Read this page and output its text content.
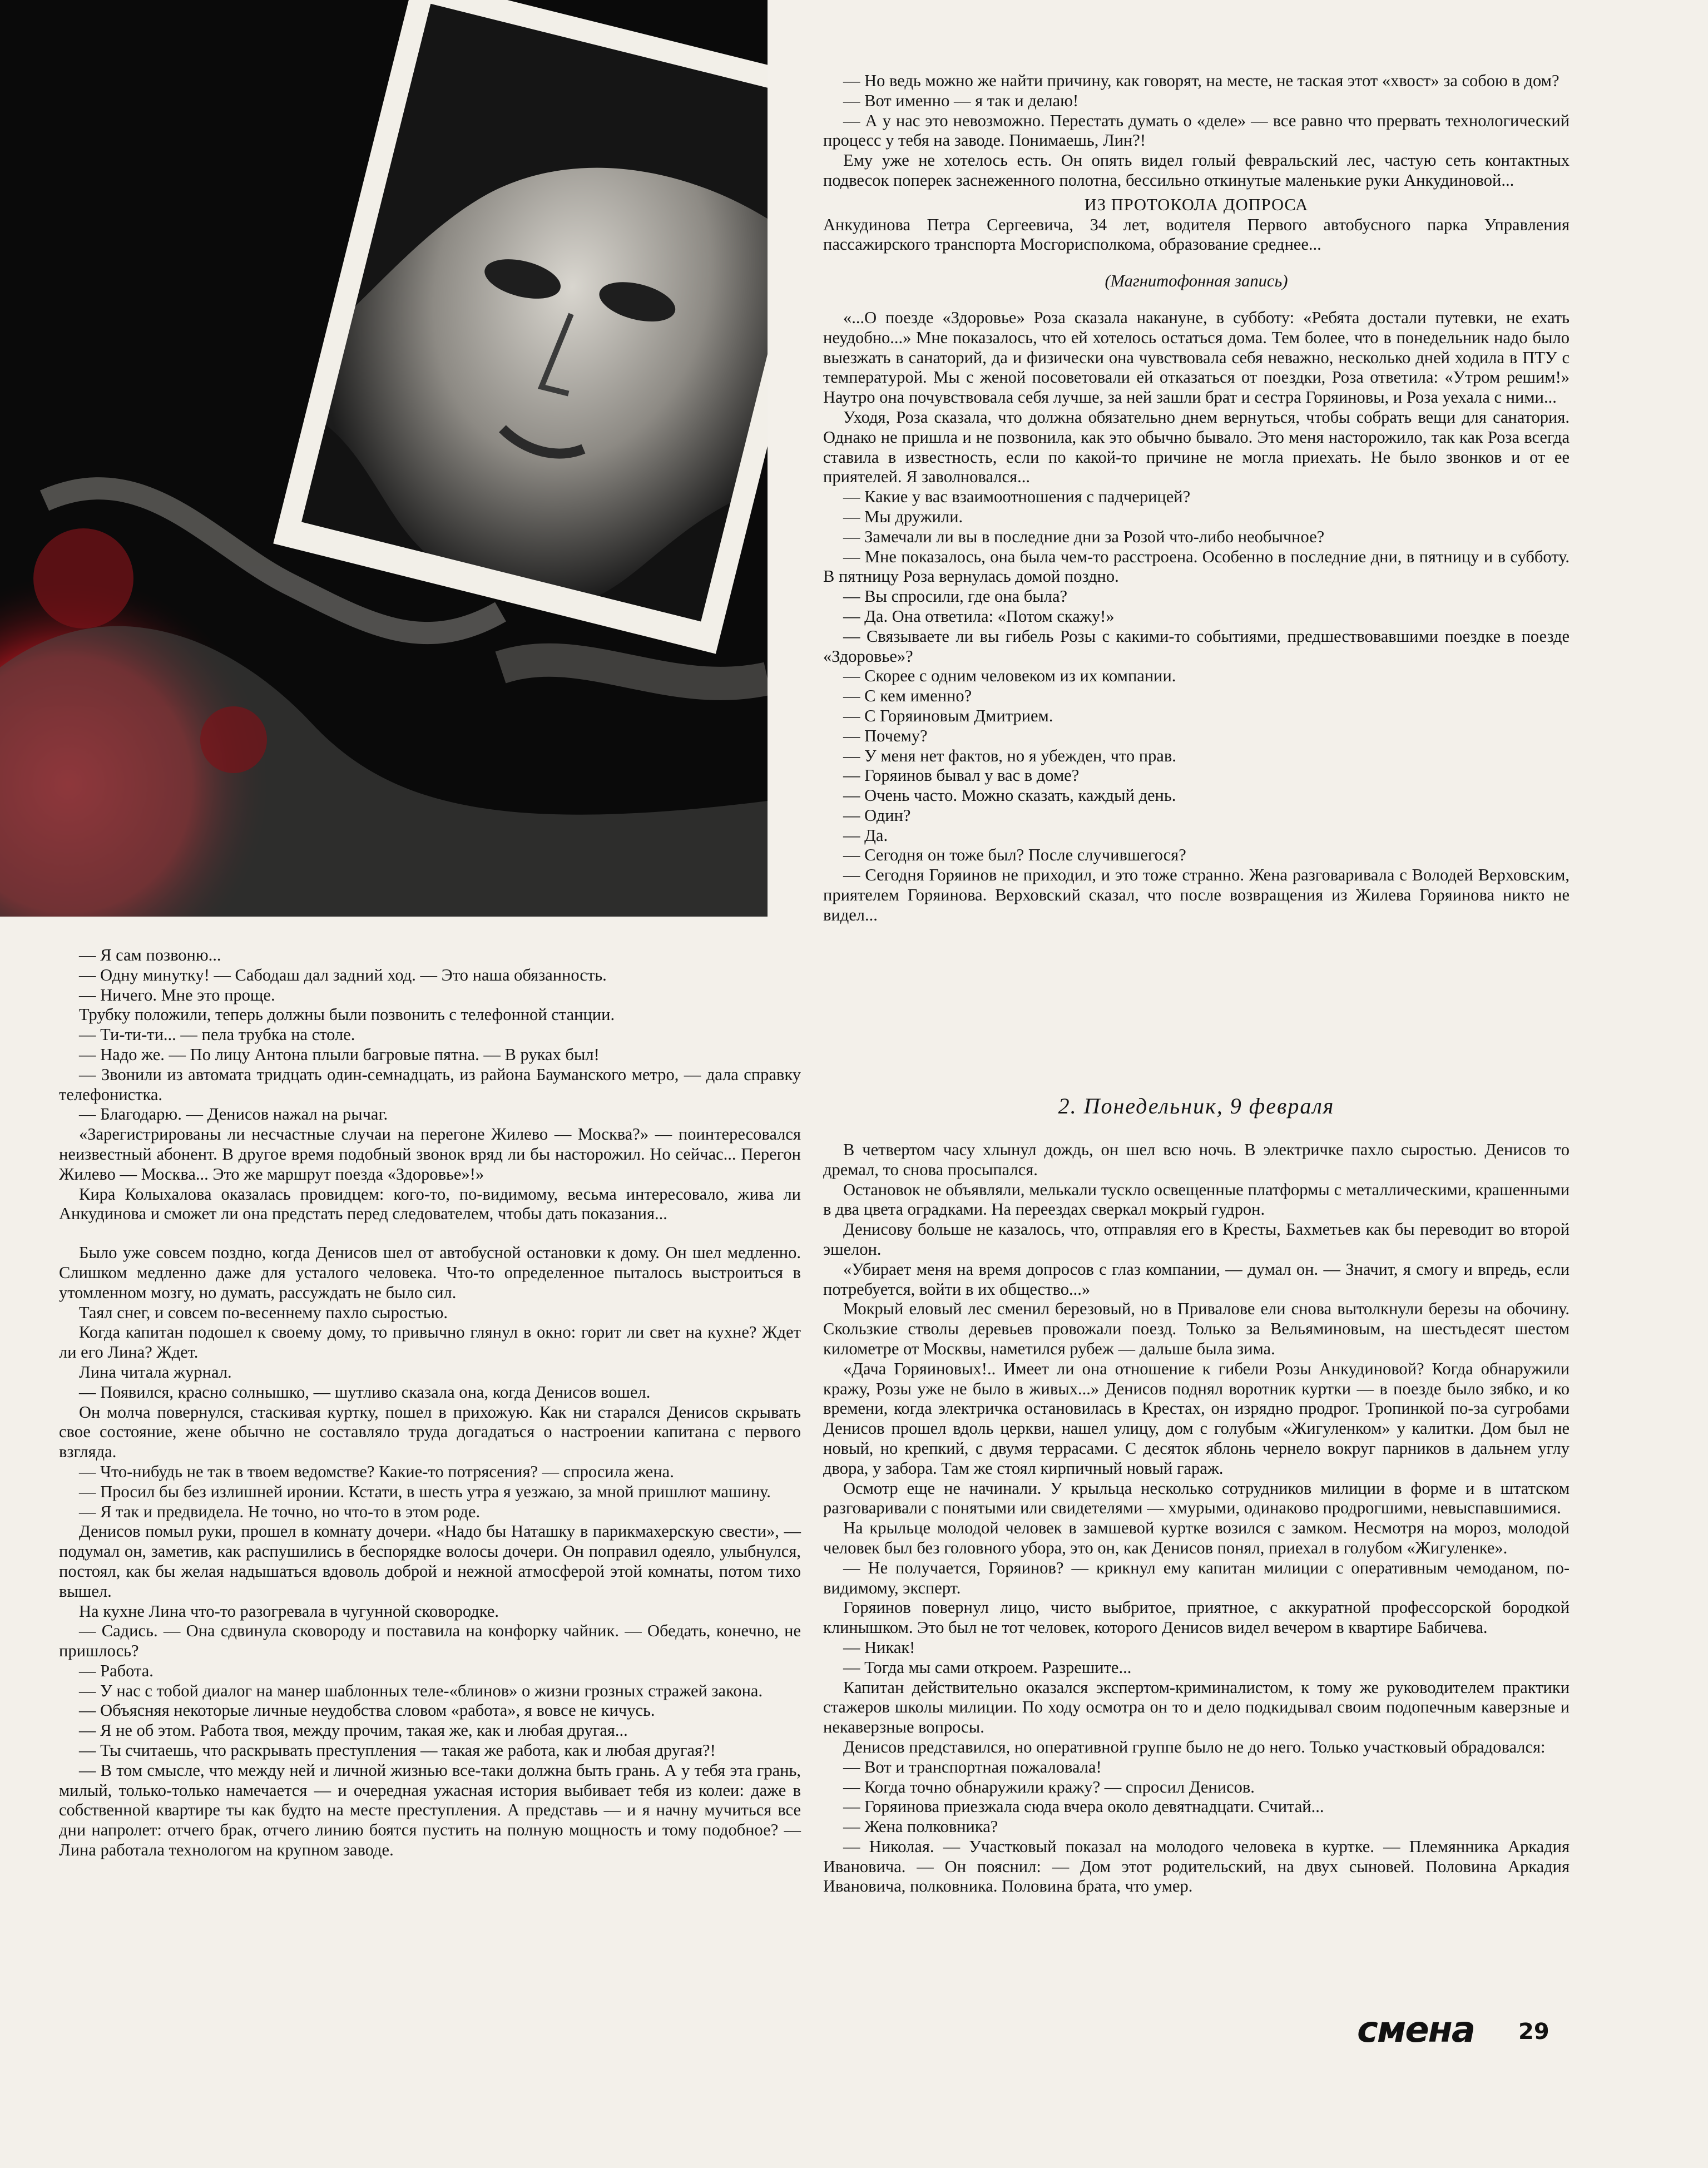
— Я сам позвоню...

— Одну минутку! — Сабодаш дал задний ход. — Это наша обязанность.

— Ничего. Мне это проще.

Трубку положили, теперь должны были позвонить с телефонной станции.

— Ти-ти-ти... — пела трубка на столе.

— Надо же. — По лицу Антона плыли багровые пятна. — В руках был!

— Звонили из автомата тридцать один-семнадцать, из района Бауманского метро, — дала справку телефонистка.

— Благодарю. — Денисов нажал на рычаг.

«Зарегистрированы ли несчастные случаи на перегоне Жилево — Москва?» — поинтересовался неизвестный абонент. В другое время подобный звонок вряд ли бы насторожил. Но сейчас... Перегон Жилево — Москва... Это же маршрут поезда «Здоровье»!»

Кира Колыхалова оказалась провидцем: кого-то, по-видимому, весьма интересовало, жива ли Анкудинова и сможет ли она предстать перед следователем, чтобы дать показания...

Было уже совсем поздно, когда Денисов шел от автобусной остановки к дому. Он шел медленно. Слишком медленно даже для усталого человека. Что-то определенное пыталось выстроиться в утомленном мозгу, но думать, рассуждать не было сил.

Таял снег, и совсем по-весеннему пахло сыростью.

Когда капитан подошел к своему дому, то привычно глянул в окно: горит ли свет на кухне? Ждет ли его Лина? Ждет.

Лина читала журнал.

— Появился, красно солнышко, — шутливо сказала она, когда Денисов вошел.

Он молча повернулся, стаскивая куртку, пошел в прихожую. Как ни старался Денисов скрывать свое состояние, жене обычно не составляло труда догадаться о настроении капитана с первого взгляда.

— Что-нибудь не так в твоем ведомстве? Какие-то потрясения? — спросила жена.

— Просил бы без излишней иронии. Кстати, в шесть утра я уезжаю, за мной пришлют машину.

— Я так и предвидела. Не точно, но что-то в этом роде.

Денисов помыл руки, прошел в комнату дочери. «Надо бы Наташку в парикмахерскую свести», — подумал он, заметив, как распушились в беспорядке волосы дочери. Он поправил одеяло, улыбнулся, постоял, как бы желая надышаться вдоволь доброй и нежной атмосферой этой комнаты, потом тихо вышел.

На кухне Лина что-то разогревала в чугунной сковородке.

— Садись. — Она сдвинула сковороду и поставила на конфорку чайник. — Обедать, конечно, не пришлось?

— Работа.

— У нас с тобой диалог на манер шаблонных теле-«блинов» о жизни грозных стражей закона.

— Объясняя некоторые личные неудобства словом «работа», я вовсе не кичусь.

— Я не об этом. Работа твоя, между прочим, такая же, как и любая другая...

— Ты считаешь, что раскрывать преступления — такая же работа, как и любая другая?!

— В том смысле, что между ней и личной жизнью все-таки должна быть грань. А у тебя эта грань, милый, только-только намечается — и очередная ужасная история выбивает тебя из колеи: даже в собственной квартире ты как будто на месте преступления. А представь — и я начну мучиться все дни напролет: отчего брак, отчего линию боятся пустить на полную мощность и тому подобное? — Лина работала технологом на крупном заводе.

— Но ведь можно же найти причину, как говорят, на месте, не таская этот «хвост» за собою в дом?

— Вот именно — я так и делаю!

— А у нас это невозможно. Перестать думать о «деле» — все равно что прервать технологический процесс у тебя на заводе. Понимаешь, Лин?!

Ему уже не хотелось есть. Он опять видел голый февральский лес, частую сеть контактных подвесок поперек заснеженного полотна, бессильно откинутые маленькие руки Анкудиновой...

ИЗ ПРОТОКОЛА ДОПРОСА

Анкудинова Петра Сергеевича, 34 лет, водителя Первого автобусного парка Управления пассажирского транспорта Мосгорисполкома, образование среднее...

(Магнитофонная запись)

«...О поезде «Здоровье» Роза сказала накануне, в субботу: «Ребята достали путевки, не ехать неудобно...» Мне показалось, что ей хотелось остаться дома. Тем более, что в понедельник надо было выезжать в санаторий, да и физически она чувствовала себя неважно, несколько дней ходила в ПТУ с температурой. Мы с женой посоветовали ей отказаться от поездки, Роза ответила: «Утром решим!» Наутро она почувствовала себя лучше, за ней зашли брат и сестра Горяиновы, и Роза уехала с ними...

Уходя, Роза сказала, что должна обязательно днем вернуться, чтобы собрать вещи для санатория. Однако не пришла и не позвонила, как это обычно бывало. Это меня насторожило, так как Роза всегда ставила в известность, если по какой-то причине не могла приехать. Не было звонков и от ее приятелей. Я заволновался...

— Какие у вас взаимоотношения с падчерицей?

— Мы дружили.

— Замечали ли вы в последние дни за Розой что-либо необычное?

— Мне показалось, она была чем-то расстроена. Особенно в последние дни, в пятницу и в субботу. В пятницу Роза вернулась домой поздно.

— Вы спросили, где она была?

— Да. Она ответила: «Потом скажу!»

— Связываете ли вы гибель Розы с какими-то событиями, предшествовавшими поездке в поезде «Здоровье»?

— Скорее с одним человеком из их компании.

— С кем именно?

— С Горяиновым Дмитрием.

— Почему?

— У меня нет фактов, но я убежден, что прав.

— Горяинов бывал у вас в доме?

— Очень часто. Можно сказать, каждый день.

— Один?

— Да.

— Сегодня он тоже был? После случившегося?

— Сегодня Горяинов не приходил, и это тоже странно. Жена разговаривала с Володей Верховским, приятелем Горяинова. Верховский сказал, что после возвращения из Жилева Горяинова никто не видел...

2. Понедельник, 9 февраля

В четвертом часу хлынул дождь, он шел всю ночь. В электричке пахло сыростью. Денисов то дремал, то снова просыпался.

Остановок не объявляли, мелькали тускло освещенные платформы с металлическими, крашенными в два цвета оградками. На переездах сверкал мокрый гудрон.

Денисову больше не казалось, что, отправляя его в Кресты, Бахметьев как бы переводит во второй эшелон.

«Убирает меня на время допросов с глаз компании, — думал он. — Значит, я смогу и впредь, если потребуется, войти в их общество...»

Мокрый еловый лес сменил березовый, но в Привалове ели снова вытолкнули березы на обочину. Скользкие стволы деревьев провожали поезд. Только за Вельяминовым, на шестьдесят шестом километре от Москвы, наметился рубеж — дальше была зима.

«Дача Горяиновых!.. Имеет ли она отношение к гибели Розы Анкудиновой? Когда обнаружили кражу, Розы уже не было в живых...» Денисов поднял воротник куртки — в поезде было зябко, и ко времени, когда электричка остановилась в Крестах, он изрядно продрог. Тропинкой по-за сугробами Денисов прошел вдоль церкви, нашел улицу, дом с голубым «Жигуленком» у калитки. Дом был не новый, но крепкий, с двумя террасами. С десяток яблонь чернело вокруг парников в дальнем углу двора, у забора. Там же стоял кирпичный новый гараж.

Осмотр еще не начинали. У крыльца несколько сотрудников милиции в форме и в штатском разговаривали с понятыми или свидетелями — хмурыми, одинаково продрогшими, невыспавшимися.

На крыльце молодой человек в замшевой куртке возился с замком. Несмотря на мороз, молодой человек был без головного убора, это он, как Денисов понял, приехал в голубом «Жигуленке».

— Не получается, Горяинов? — крикнул ему капитан милиции с оперативным чемоданом, по-видимому, эксперт.

Горяинов повернул лицо, чисто выбритое, приятное, с аккуратной профессорской бородкой клинышком. Это был не тот человек, которого Денисов видел вечером в квартире Бабичева.

— Никак!

— Тогда мы сами откроем. Разрешите...

Капитан действительно оказался экспертом-криминалистом, к тому же руководителем практики стажеров школы милиции. По ходу осмотра он то и дело подкидывал своим подопечным каверзные и некаверзные вопросы.

Денисов представился, но оперативной группе было не до него. Только участковый обрадовался:

— Вот и транспортная пожаловала!

— Когда точно обнаружили кражу? — спросил Денисов.

— Горяинова приезжала сюда вчера около девятнадцати. Считай...

— Жена полковника?

— Николая. — Участковый показал на молодого человека в куртке. — Племянника Аркадия Ивановича. — Он пояснил: — Дом этот родительский, на двух сыновей. Половина Аркадия Ивановича, полковника. Половина брата, что умер.

смена 29
